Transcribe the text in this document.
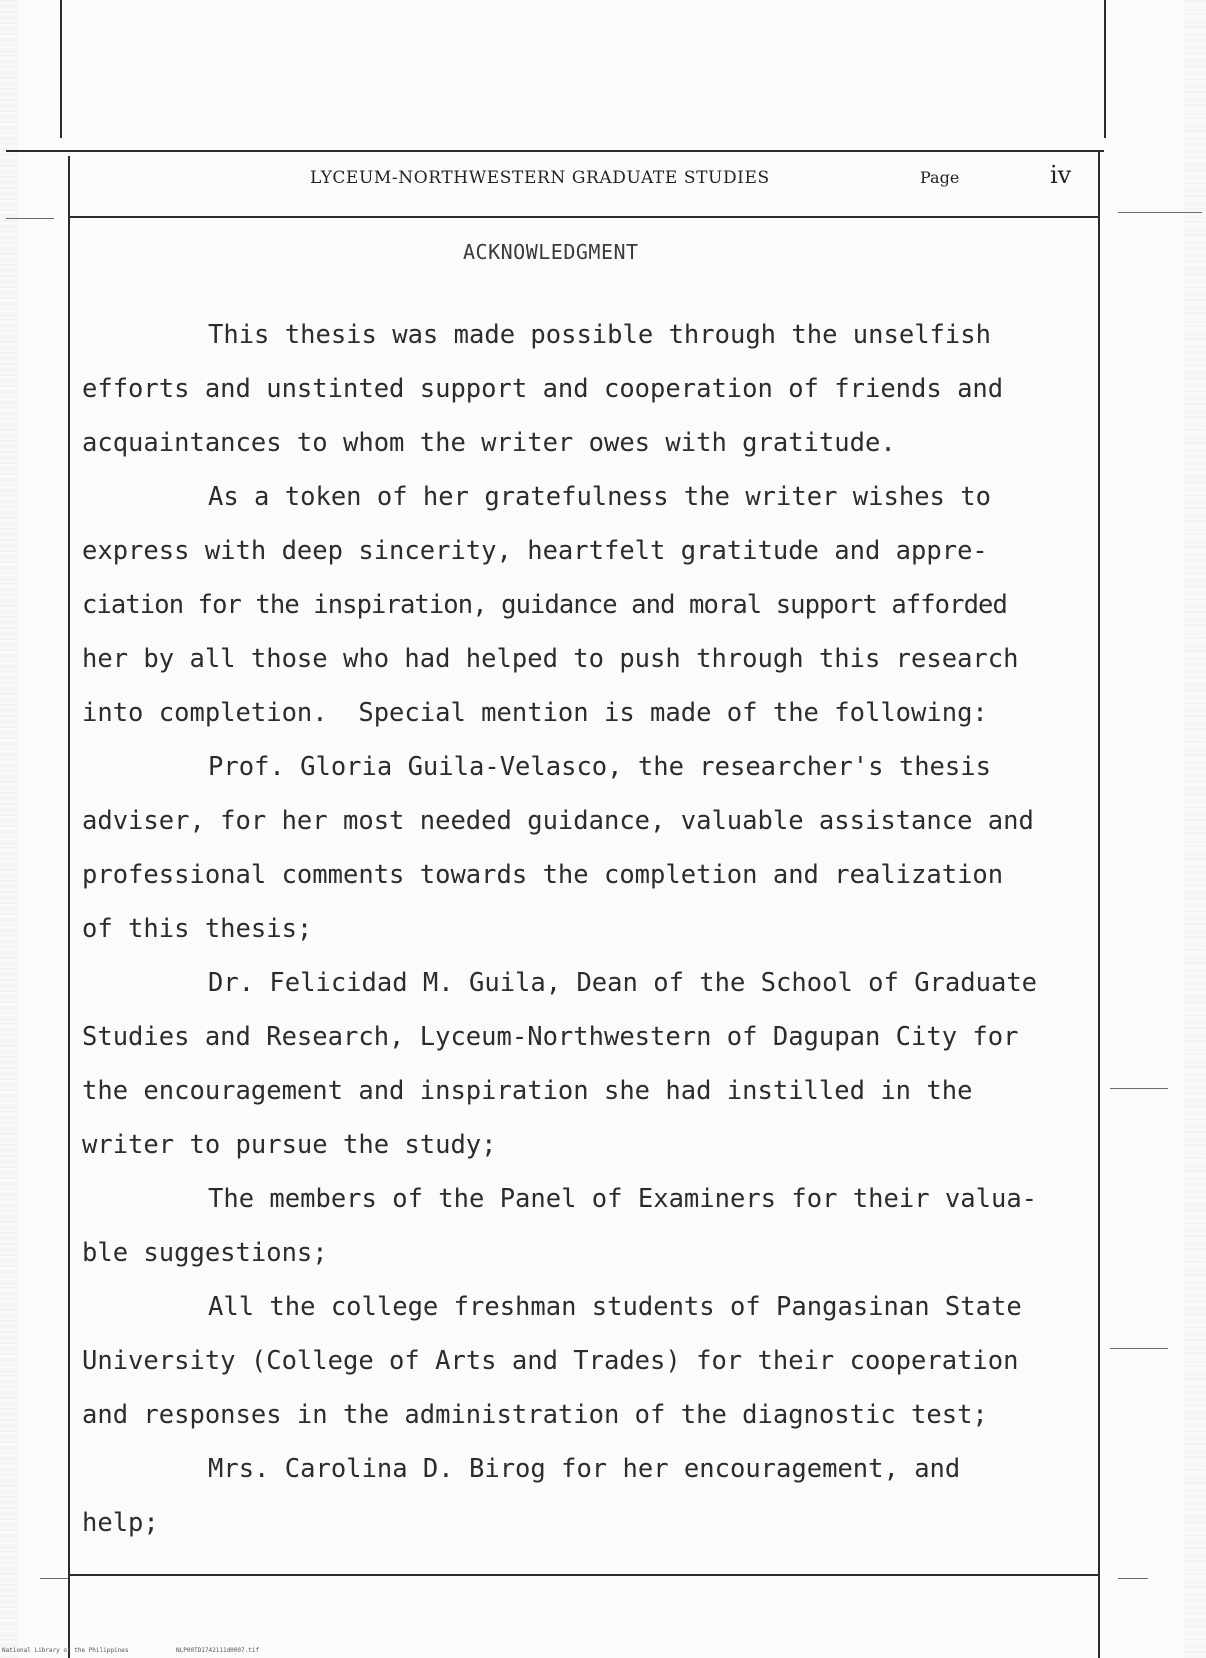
LYCEUM-NORTHWESTERN GRADUATE STUDIES	Page	iv
ACKNOWLEDGMENT
This thesis was made possible through the unselfish
efforts and unstinted support and cooperation of friends and
acquaintances to whom the writer owes with gratitude.
As a token of her gratefulness the writer wishes to
express with deep sincerity, heartfelt gratitude and appre-
ciation for the inspiration, guidance and moral support afforded
her by all those who had helped to push through this research
into completion.  Special mention is made of the following:
Prof. Gloria Guila-Velasco, the researcher's thesis
adviser, for her most needed guidance, valuable assistance and
professional comments towards the completion and realization
of this thesis;
Dr. Felicidad M. Guila, Dean of the School of Graduate
Studies and Research, Lyceum-Northwestern of Dagupan City for
the encouragement and inspiration she had instilled in the
writer to pursue the study;
The members of the Panel of Examiners for their valua-
ble suggestions;
All the college freshman students of Pangasinan State
University (College of Arts and Trades) for their cooperation
and responses in the administration of the diagnostic test;
Mrs. Carolina D. Birog for her encouragement, and
help;
National Library of the Philippines	NLP00TD1742111d0007.tif
